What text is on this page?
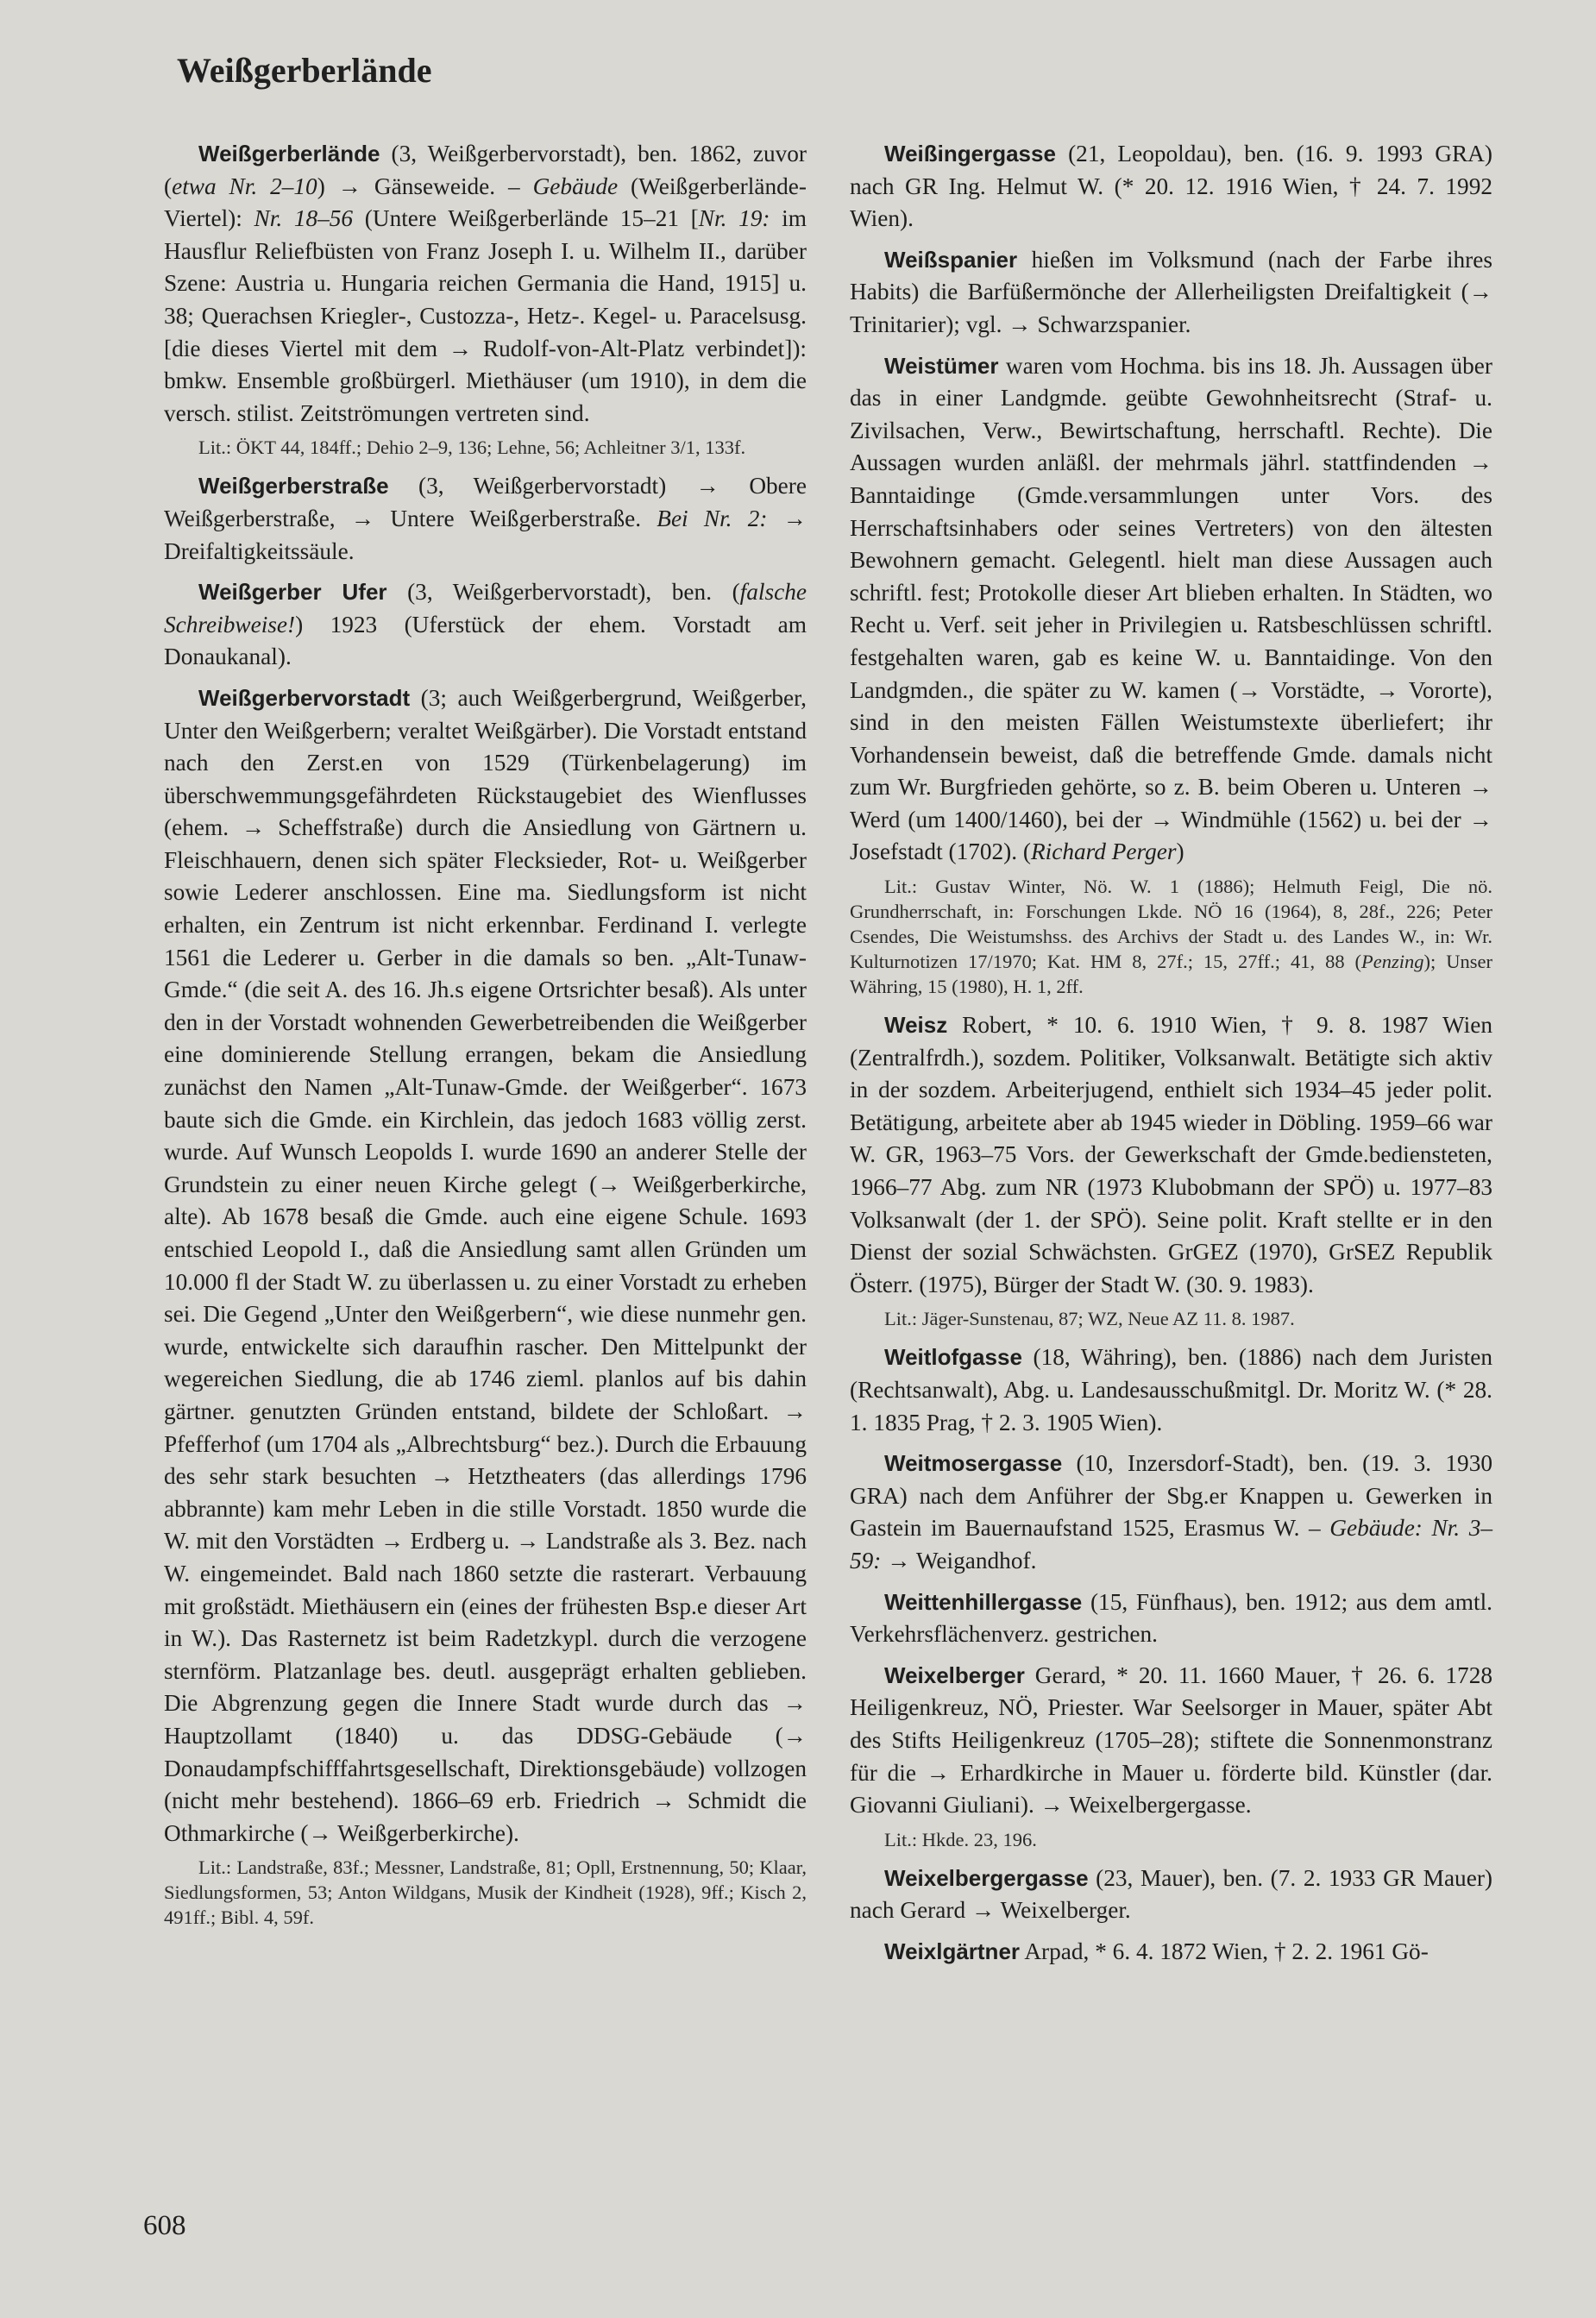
Weißgerberlände

Weißgerberlände (3, Weißgerbervorstadt), ben. 1862, zuvor (etwa Nr. 2–10) → Gänseweide. – Gebäude (Weißgerberlände-Viertel): Nr. 18–56 (Untere Weißgerberlände 15–21 [Nr. 19: im Hausflur Reliefbüsten von Franz Joseph I. u. Wilhelm II., darüber Szene: Austria u. Hungaria reichen Germania die Hand, 1915] u. 38; Querachsen Kriegler-, Custozza-, Hetz-. Kegel- u. Paracelsusg. [die dieses Viertel mit dem → Rudolf-von-Alt-Platz verbindet]): bmkw. Ensemble großbürgerl. Miethäuser (um 1910), in dem die versch. stilist. Zeitströmungen vertreten sind.

Lit.: ÖKT 44, 184ff.; Dehio 2–9, 136; Lehne, 56; Achleitner 3/1, 133f.

Weißgerberstraße (3, Weißgerbervorstadt) → Obere Weißgerberstraße, → Untere Weißgerberstraße. Bei Nr. 2: → Dreifaltigkeitssäule.

Weißgerber Ufer (3, Weißgerbervorstadt), ben. (falsche Schreibweise!) 1923 (Uferstück der ehem. Vorstadt am Donaukanal).

Weißgerbervorstadt (3; auch Weißgerbergrund, Weißgerber, Unter den Weißgerbern; veraltet Weißgärber). Die Vorstadt entstand nach den Zerst.en von 1529 (Türkenbelagerung) im überschwemmungsgefährdeten Rückstaugebiet des Wienflusses (ehem. → Scheffstraße) durch die Ansiedlung von Gärtnern u. Fleischhauern, denen sich später Flecksieder, Rot- u. Weißgerber sowie Lederer anschlossen. Eine ma. Siedlungsform ist nicht erhalten, ein Zentrum ist nicht erkennbar. Ferdinand I. verlegte 1561 die Lederer u. Gerber in die damals so ben. „Alt-Tunaw-Gmde.“ (die seit A. des 16. Jh.s eigene Ortsrichter besaß). Als unter den in der Vorstadt wohnenden Gewerbetreibenden die Weißgerber eine dominierende Stellung errangen, bekam die Ansiedlung zunächst den Namen „Alt-Tunaw-Gmde. der Weißgerber“. 1673 baute sich die Gmde. ein Kirchlein, das jedoch 1683 völlig zerst. wurde. Auf Wunsch Leopolds I. wurde 1690 an anderer Stelle der Grundstein zu einer neuen Kirche gelegt (→ Weißgerberkirche, alte). Ab 1678 besaß die Gmde. auch eine eigene Schule. 1693 entschied Leopold I., daß die Ansiedlung samt allen Gründen um 10.000 fl der Stadt W. zu überlassen u. zu einer Vorstadt zu erheben sei. Die Gegend „Unter den Weißgerbern“, wie diese nunmehr gen. wurde, entwickelte sich daraufhin rascher. Den Mittelpunkt der wegereichen Siedlung, die ab 1746 zieml. planlos auf bis dahin gärtner. genutzten Gründen entstand, bildete der Schloßart. → Pfefferhof (um 1704 als „Albrechtsburg“ bez.). Durch die Erbauung des sehr stark besuchten → Hetztheaters (das allerdings 1796 abbrannte) kam mehr Leben in die stille Vorstadt. 1850 wurde die W. mit den Vorstädten → Erdberg u. → Landstraße als 3. Bez. nach W. eingemeindet. Bald nach 1860 setzte die rasterart. Verbauung mit großstädt. Miethäusern ein (eines der frühesten Bsp.e dieser Art in W.). Das Rasternetz ist beim Radetzkypl. durch die verzogene sternförm. Platzanlage bes. deutl. ausgeprägt erhalten geblieben. Die Abgrenzung gegen die Innere Stadt wurde durch das → Hauptzollamt (1840) u. das DDSG-Gebäude (→ Donaudampfschifffahrtsgesellschaft, Direktionsgebäude) vollzogen (nicht mehr bestehend). 1866–69 erb. Friedrich → Schmidt die Othmarkirche (→ Weißgerberkirche).

Lit.: Landstraße, 83f.; Messner, Landstraße, 81; Opll, Erstnennung, 50; Klaar, Siedlungsformen, 53; Anton Wildgans, Musik der Kindheit (1928), 9ff.; Kisch 2, 491ff.; Bibl. 4, 59f.

Weißingergasse (21, Leopoldau), ben. (16. 9. 1993 GRA) nach GR Ing. Helmut W. (* 20. 12. 1916 Wien, † 24. 7. 1992 Wien).

Weißspanier hießen im Volksmund (nach der Farbe ihres Habits) die Barfüßermönche der Allerheiligsten Dreifaltigkeit (→ Trinitarier); vgl. → Schwarzspanier.

Weistümer waren vom Hochma. bis ins 18. Jh. Aussagen über das in einer Landgmde. geübte Gewohnheitsrecht (Straf- u. Zivilsachen, Verw., Bewirtschaftung, herrschaftl. Rechte). Die Aussagen wurden anläßl. der mehrmals jährl. stattfindenden → Banntaidinge (Gmde.versammlungen unter Vors. des Herrschaftsinhabers oder seines Vertreters) von den ältesten Bewohnern gemacht. Gelegentl. hielt man diese Aussagen auch schriftl. fest; Protokolle dieser Art blieben erhalten. In Städten, wo Recht u. Verf. seit jeher in Privilegien u. Ratsbeschlüssen schriftl. festgehalten waren, gab es keine W. u. Banntaidinge. Von den Landgmden., die später zu W. kamen (→ Vorstädte, → Vororte), sind in den meisten Fällen Weistumstexte überliefert; ihr Vorhandensein beweist, daß die betreffende Gmde. damals nicht zum Wr. Burgfrieden gehörte, so z. B. beim Oberen u. Unteren → Werd (um 1400/1460), bei der → Windmühle (1562) u. bei der → Josefstadt (1702). (Richard Perger)

Lit.: Gustav Winter, Nö. W. 1 (1886); Helmuth Feigl, Die nö. Grundherrschaft, in: Forschungen Lkde. NÖ 16 (1964), 8, 28f., 226; Peter Csendes, Die Weistumshss. des Archivs der Stadt u. des Landes W., in: Wr. Kulturnotizen 17/1970; Kat. HM 8, 27f.; 15, 27ff.; 41, 88 (Penzing); Unser Währing, 15 (1980), H. 1, 2ff.

Weisz Robert, * 10. 6. 1910 Wien, † 9. 8. 1987 Wien (Zentralfrdh.), sozdem. Politiker, Volksanwalt. Betätigte sich aktiv in der sozdem. Arbeiterjugend, enthielt sich 1934–45 jeder polit. Betätigung, arbeitete aber ab 1945 wieder in Döbling. 1959–66 war W. GR, 1963–75 Vors. der Gewerkschaft der Gmde.bediensteten, 1966–77 Abg. zum NR (1973 Klubobmann der SPÖ) u. 1977–83 Volksanwalt (der 1. der SPÖ). Seine polit. Kraft stellte er in den Dienst der sozial Schwächsten. GrGEZ (1970), GrSEZ Republik Österr. (1975), Bürger der Stadt W. (30. 9. 1983).

Lit.: Jäger-Sunstenau, 87; WZ, Neue AZ 11. 8. 1987.

Weitlofgasse (18, Währing), ben. (1886) nach dem Juristen (Rechtsanwalt), Abg. u. Landesausschußmitgl. Dr. Moritz W. (* 28. 1. 1835 Prag, † 2. 3. 1905 Wien).

Weitmosergasse (10, Inzersdorf-Stadt), ben. (19. 3. 1930 GRA) nach dem Anführer der Sbg.er Knappen u. Gewerken in Gastein im Bauernaufstand 1525, Erasmus W. – Gebäude: Nr. 3–59: → Weigandhof.

Weittenhillergasse (15, Fünfhaus), ben. 1912; aus dem amtl. Verkehrsflächenverz. gestrichen.

Weixelberger Gerard, * 20. 11. 1660 Mauer, † 26. 6. 1728 Heiligenkreuz, NÖ, Priester. War Seelsorger in Mauer, später Abt des Stifts Heiligenkreuz (1705–28); stiftete die Sonnenmonstranz für die → Erhardkirche in Mauer u. förderte bild. Künstler (dar. Giovanni Giuliani). → Weixelbergergasse.

Lit.: Hkde. 23, 196.

Weixelbergergasse (23, Mauer), ben. (7. 2. 1933 GR Mauer) nach Gerard → Weixelberger.

Weixlgärtner Arpad, * 6. 4. 1872 Wien, † 2. 2. 1961 Gö-

608
